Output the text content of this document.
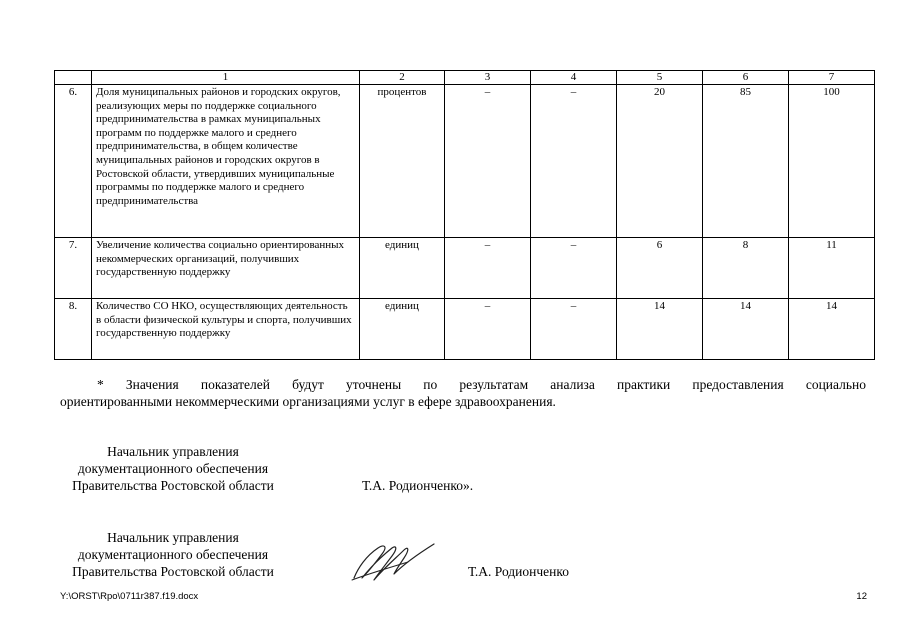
	1	2	3	4	5	6	7
6.	Доля муниципальных районов и городских округов, реализующих меры по поддержке социального предпринимательства в рамках муниципальных программ по поддержке малого и среднего предпринимательства, в общем количестве муниципальных районов и городских округов в Ростовской области, утвердивших муниципальные программы по поддержке малого и среднего предпринимательства	процентов	–	–	20	85	100
7.	Увеличение количества социально ориентированных некоммерческих организаций, получивших государственную поддержку	единиц	–	–	6	8	11
8.	Количество СО НКО, осуществляющих деятельность в области физической культуры и спорта, получивших государственную поддержку	единиц	–	–	14	14	14
* Значения показателей будут уточнены по результатам анализа практики предоставления социально
ориентированными некоммерческими организациями услуг в ефере здравоохранения.
Начальник управления
документационного обеспечения
Правительства Ростовской области	Т.А. Родионченко».
Начальник управления
документационного обеспечения
Правительства Ростовской области	Т.А. Родионченко
Y:\ORST\Rpo\0711r387.f19.docx	12
